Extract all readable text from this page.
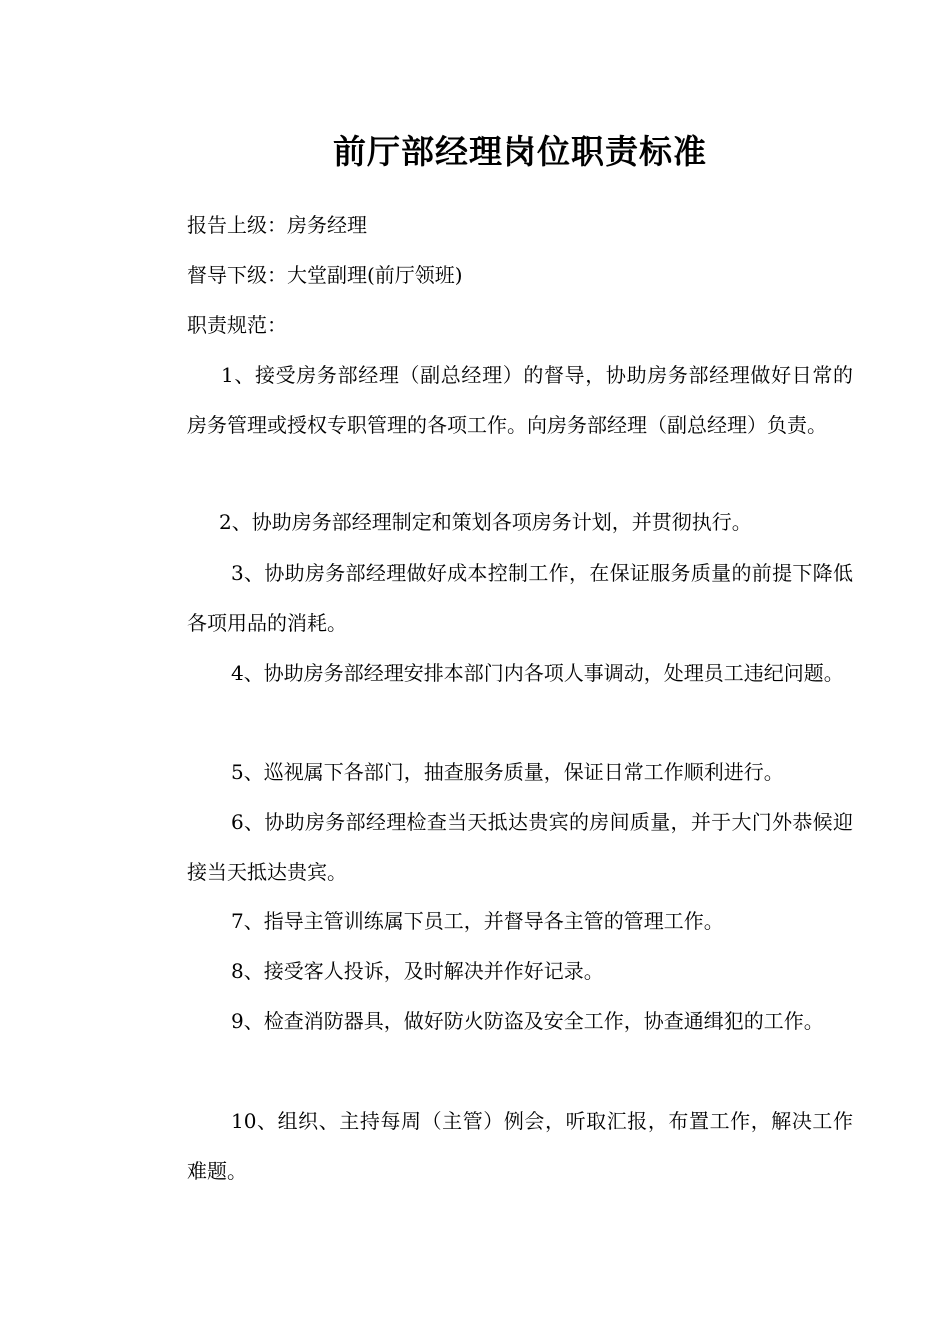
前厅部经理岗位职责标准
报告上级：房务经理
督导下级：大堂副理(前厅领班)
职责规范：
1、接受房务部经理（副总经理）的督导，协助房务部经理做好日常的房务管理或授权专职管理的各项工作。向房务部经理（副总经理）负责。
2、协助房务部经理制定和策划各项房务计划，并贯彻执行。
3、协助房务部经理做好成本控制工作，在保证服务质量的前提下降低各项用品的消耗。
4、协助房务部经理安排本部门内各项人事调动，处理员工违纪问题。
5、巡视属下各部门，抽查服务质量，保证日常工作顺利进行。
6、协助房务部经理检查当天抵达贵宾的房间质量，并于大门外恭候迎接当天抵达贵宾。
7、指导主管训练属下员工，并督导各主管的管理工作。
8、接受客人投诉，及时解决并作好记录。
9、检查消防器具，做好防火防盗及安全工作，协查通缉犯的工作。
10、组织、主持每周（主管）例会，听取汇报，布置工作，解决工作难题。
